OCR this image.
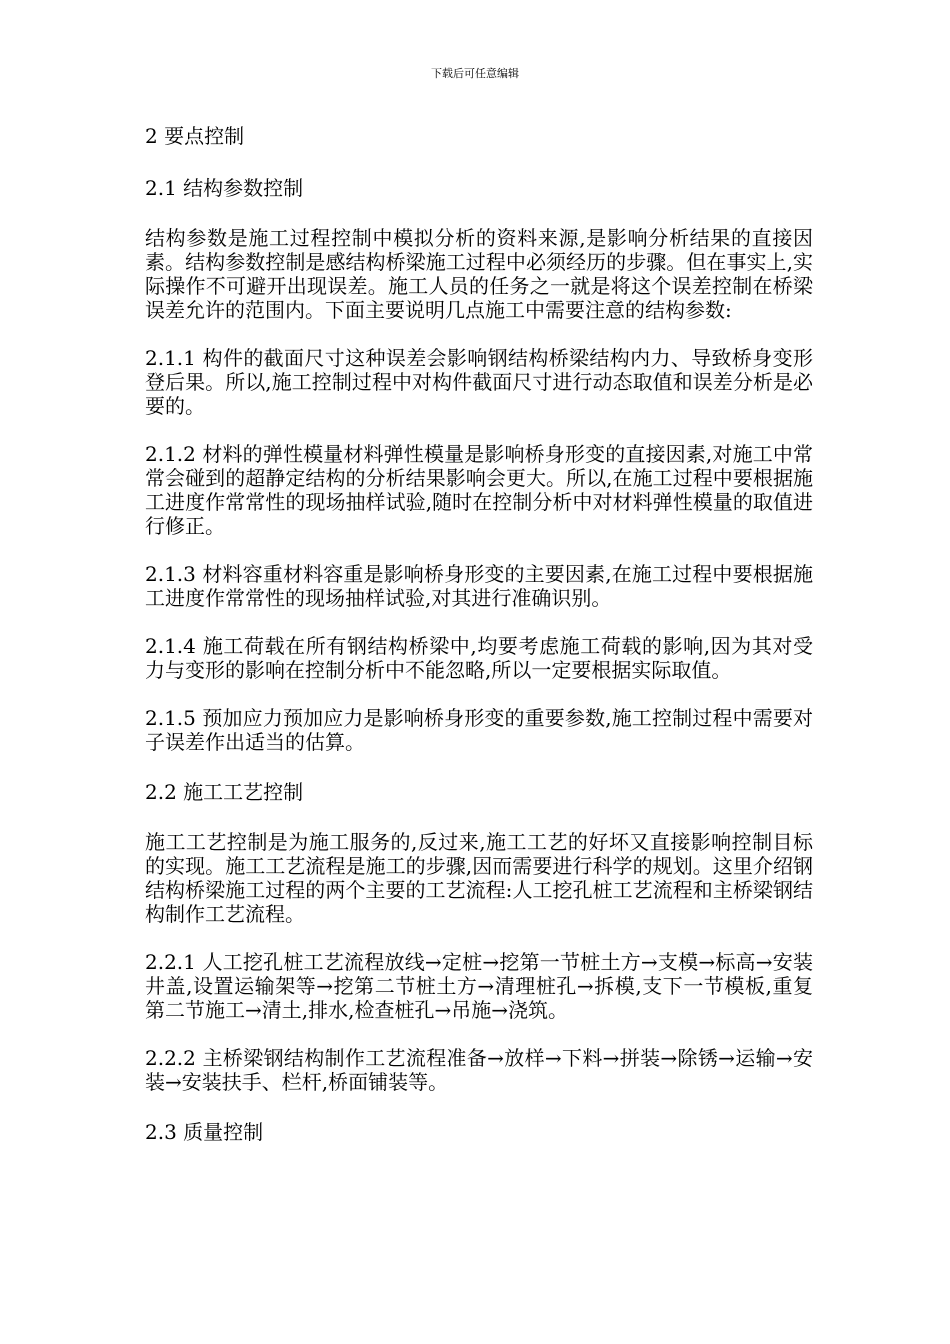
下载后可任意编辑
2 要点控制
2.1 结构参数控制
结构参数是施工过程控制中模拟分析的资料来源,是影响分析结果的直接因素。结构参数控制是感结构桥梁施工过程中必须经历的步骤。但在事实上,实际操作不可避开出现误差。施工人员的任务之一就是将这个误差控制在桥梁误差允许的范围内。下面主要说明几点施工中需要注意的结构参数:
2.1.1 构件的截面尺寸这种误差会影响钢结构桥梁结构内力、导致桥身变形登后果。所以,施工控制过程中对构件截面尺寸进行动态取值和误差分析是必要的。
2.1.2 材料的弹性模量材料弹性模量是影响桥身形变的直接因素,对施工中常常会碰到的超静定结构的分析结果影响会更大。所以,在施工过程中要根据施工进度作常常性的现场抽样试验,随时在控制分析中对材料弹性模量的取值进行修正。
2.1.3 材料容重材料容重是影响桥身形变的主要因素,在施工过程中要根据施工进度作常常性的现场抽样试验,对其进行准确识别。
2.1.4 施工荷载在所有钢结构桥梁中,均要考虑施工荷载的影响,因为其对受力与变形的影响在控制分析中不能忽略,所以一定要根据实际取值。
2.1.5 预加应力预加应力是影响桥身形变的重要参数,施工控制过程中需要对子误差作出适当的估算。
2.2 施工工艺控制
施工工艺控制是为施工服务的,反过来,施工工艺的好坏又直接影响控制目标的实现。施工工艺流程是施工的步骤,因而需要进行科学的规划。这里介绍钢结构桥梁施工过程的两个主要的工艺流程:人工挖孔桩工艺流程和主桥梁钢结构制作工艺流程。
2.2.1 人工挖孔桩工艺流程放线→定桩→挖第一节桩土方→支模→标高→安装井盖,设置运输架等→挖第二节桩土方→清理桩孔→拆模,支下一节模板,重复第二节施工→清土,排水,检查桩孔→吊施→浇筑。
2.2.2 主桥梁钢结构制作工艺流程准备→放样→下料→拼装→除锈→运输→安装→安装扶手、栏杆,桥面铺装等。
2.3 质量控制
